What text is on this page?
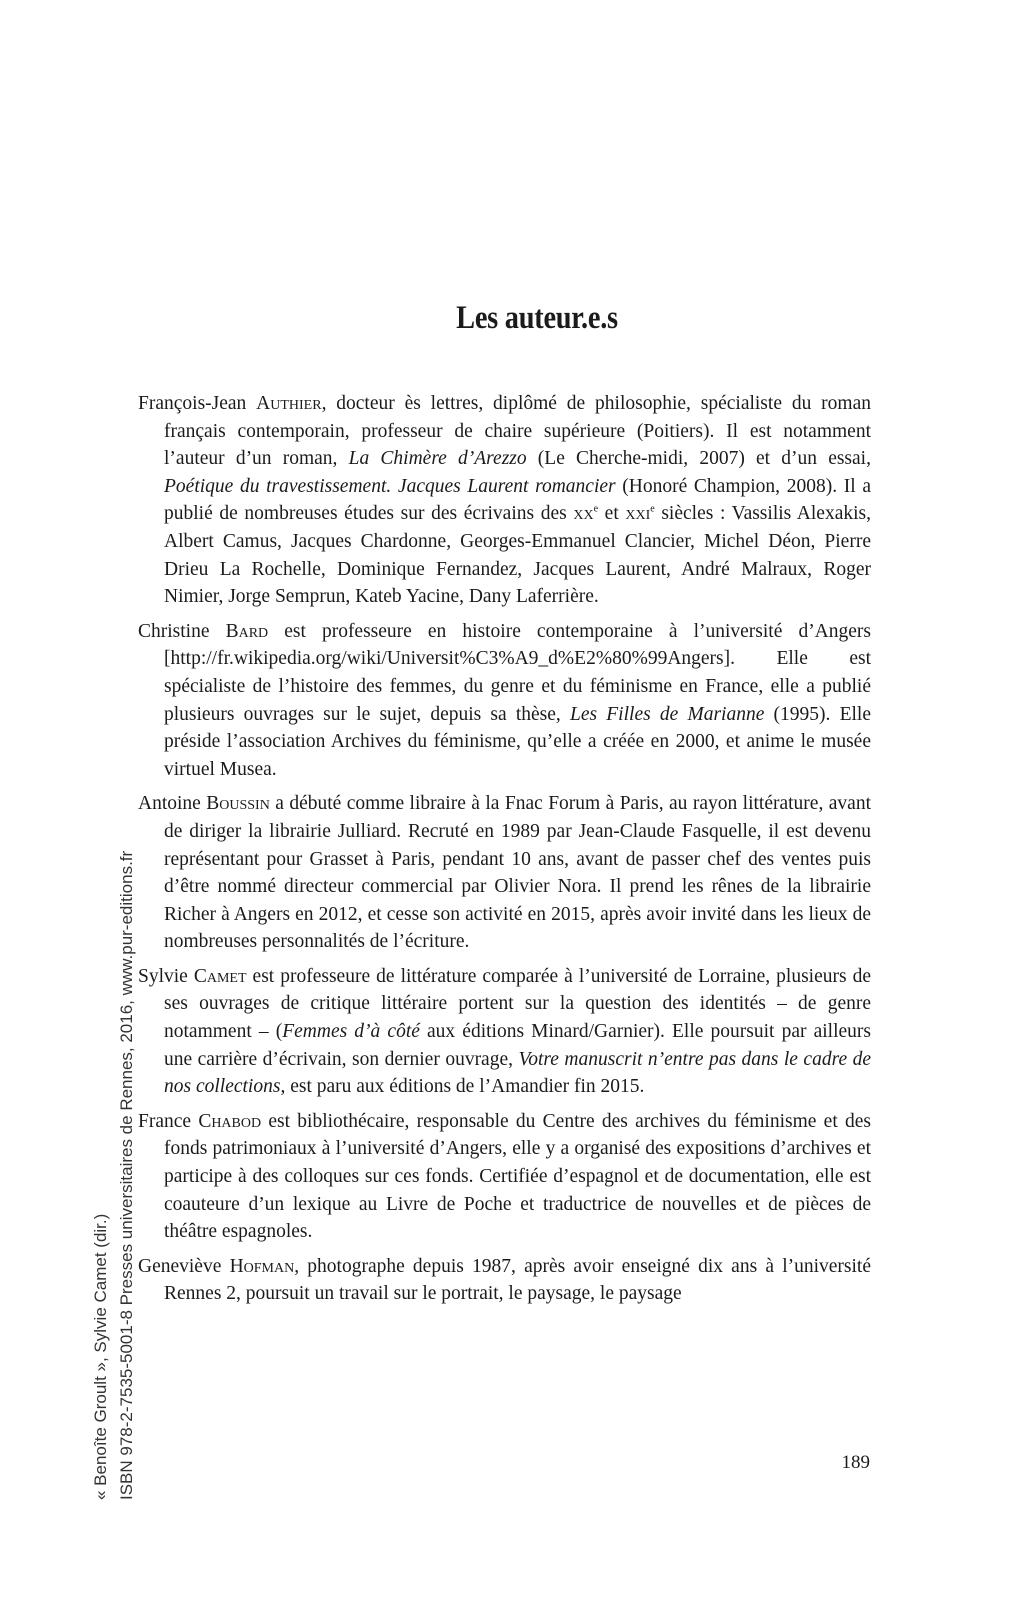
Les auteur.e.s

François-Jean Authier, docteur ès lettres, diplômé de philosophie, spécialiste du roman français contemporain, professeur de chaire supérieure (Poitiers). Il est notamment l’auteur d’un roman, La Chimère d’Arezzo (Le Cherche-midi, 2007) et d’un essai, Poétique du travestissement. Jacques Laurent romancier (Honoré Champion, 2008). Il a publié de nombreuses études sur des écrivains des $xx^e$ et xxi$^e$ siècles : Vassilis Alexakis, Albert Camus, Jacques Chardonne, Georges-Emmanuel Clancier, Michel Déon, Pierre Drieu La Rochelle, Dominique Fernandez, Jacques Laurent, André Malraux, Roger Nimier, Jorge Semprun, Kateb Yacine, Dany Laferrière.

Christine Bard est professeure en histoire contemporaine à l’université d’Angers [http://fr.wikipedia.org/wiki/Universit%C3%A9_d%E2%80%99Angers]. Elle est spécialiste de l’histoire des femmes, du genre et du féminisme en France, elle a publié plusieurs ouvrages sur le sujet, depuis sa thèse, Les Filles de Marianne (1995). Elle préside l’association Archives du féminisme, qu’elle a créée en 2000, et anime le musée virtuel Musea.

Antoine Boussin a débuté comme libraire à la Fnac Forum à Paris, au rayon littérature, avant de diriger la librairie Julliard. Recruté en 1989 par Jean-Claude Fasquelle, il est devenu représentant pour Grasset à Paris, pendant 10 ans, avant de passer chef des ventes puis d’être nommé directeur commercial par Olivier Nora. Il prend les rênes de la librairie Richer à Angers en 2012, et cesse son activité en 2015, après avoir invité dans les lieux de nombreuses personnalités de l’écriture.

Sylvie Camet est professeure de littérature comparée à l’université de Lorraine, plusieurs de ses ouvrages de critique littéraire portent sur la question des identités – de genre notamment – (Femmes d’à côté aux éditions Minard/Garnier). Elle poursuit par ailleurs une carrière d’écrivain, son dernier ouvrage, Votre manuscrit n’entre pas dans le cadre de nos collections, est paru aux éditions de l’Amandier fin 2015.

France Chabod est bibliothécaire, responsable du Centre des archives du féminisme et des fonds patrimoniaux à l’université d’Angers, elle y a organisé des expositions d’archives et participe à des colloques sur ces fonds. Certifiée d’espagnol et de documentation, elle est coauteure d’un lexique au Livre de Poche et traductrice de nouvelles et de pièces de théâtre espagnoles.

Geneviève Hofman, photographe depuis 1987, après avoir enseigné dix ans à l’université Rennes 2, poursuit un travail sur le portrait, le paysage, le paysage

189
« Benoîte Groult », Sylvie Camet (dir.) ISBN 978-2-7535-5001-8 Presses universitaires de Rennes, 2016, www.pur-editions.fr
